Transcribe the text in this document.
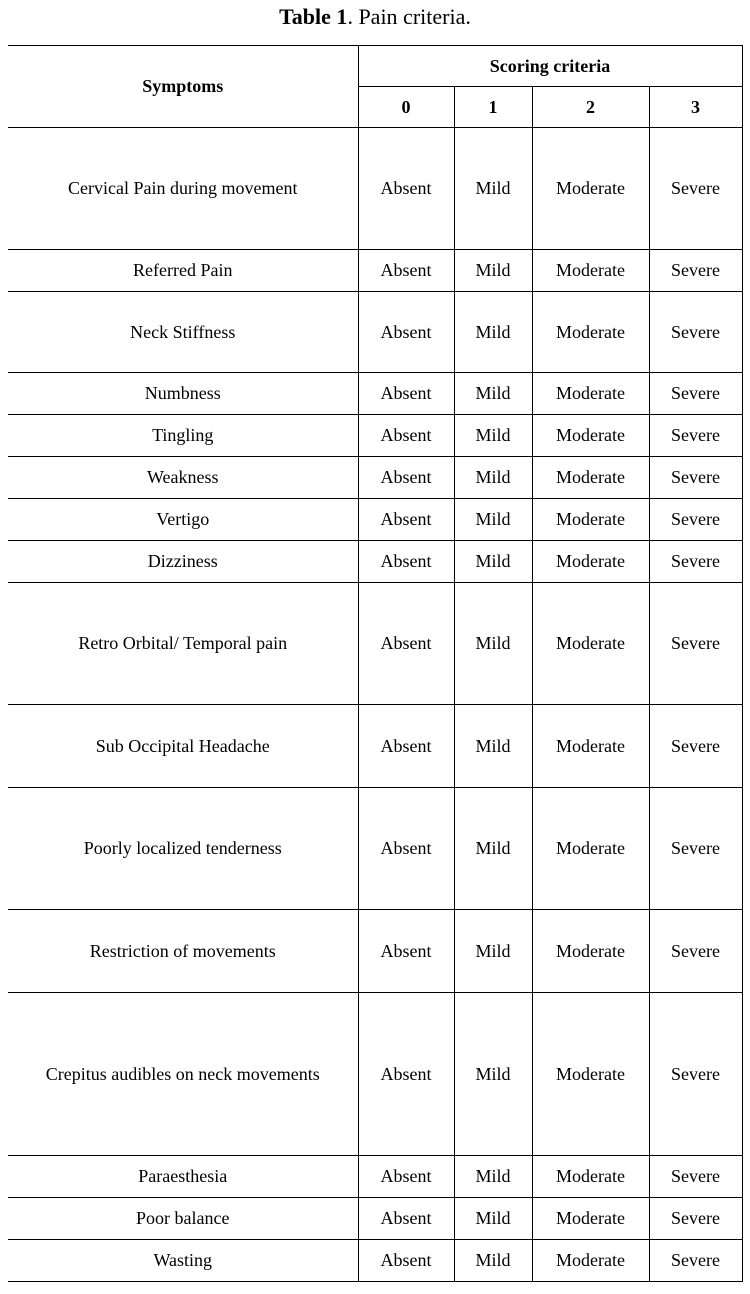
Table 1. Pain criteria.
Symptoms	Scoring criteria			
	0	1	2	3
Cervical Pain during movement	Absent	Mild	Moderate	Severe
Referred Pain	Absent	Mild	Moderate	Severe
Neck Stiffness	Absent	Mild	Moderate	Severe
Numbness	Absent	Mild	Moderate	Severe
Tingling	Absent	Mild	Moderate	Severe
Weakness	Absent	Mild	Moderate	Severe
Vertigo	Absent	Mild	Moderate	Severe
Dizziness	Absent	Mild	Moderate	Severe
Retro Orbital/ Temporal pain	Absent	Mild	Moderate	Severe
Sub Occipital Headache	Absent	Mild	Moderate	Severe
Poorly localized tenderness	Absent	Mild	Moderate	Severe
Restriction of movements	Absent	Mild	Moderate	Severe
Crepitus audibles on neck movements	Absent	Mild	Moderate	Severe
Paraesthesia	Absent	Mild	Moderate	Severe
Poor balance	Absent	Mild	Moderate	Severe
Wasting	Absent	Mild	Moderate	Severe
